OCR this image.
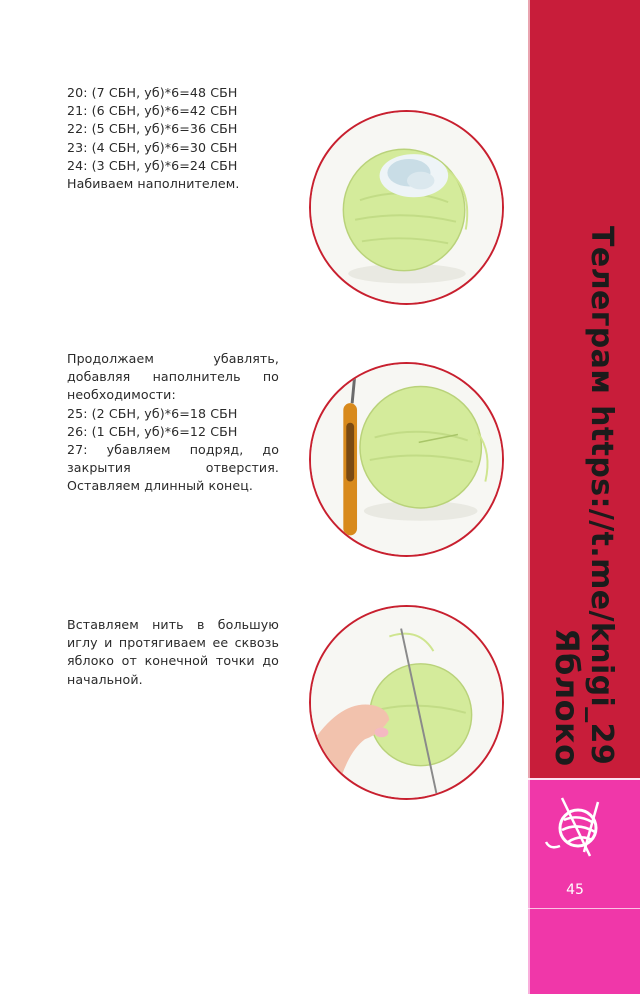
20: (7 СБН, уб)*6=48 СБН

21: (6 СБН, уб)*6=42 СБН

22: (5 СБН, уб)*6=36 СБН

23: (4 СБН, уб)*6=30 СБН

24: (3 СБН, уб)*6=24 СБН

Набиваем наполнителем.

Продолжаем убавлять, добавляя наполнитель по необходимости:

25: (2 СБН, уб)*6=18 СБН

26: (1 СБН, уб)*6=12 СБН

27: убавляем подряд, до закрытия отверстия. Оставляем длинный конец.

Вставляем нить в большую иглу и протягиваем ее сквозь яблоко от конечной точки до начальной.	Телеграм https://t.me/knigi_29
Яблоко
45
